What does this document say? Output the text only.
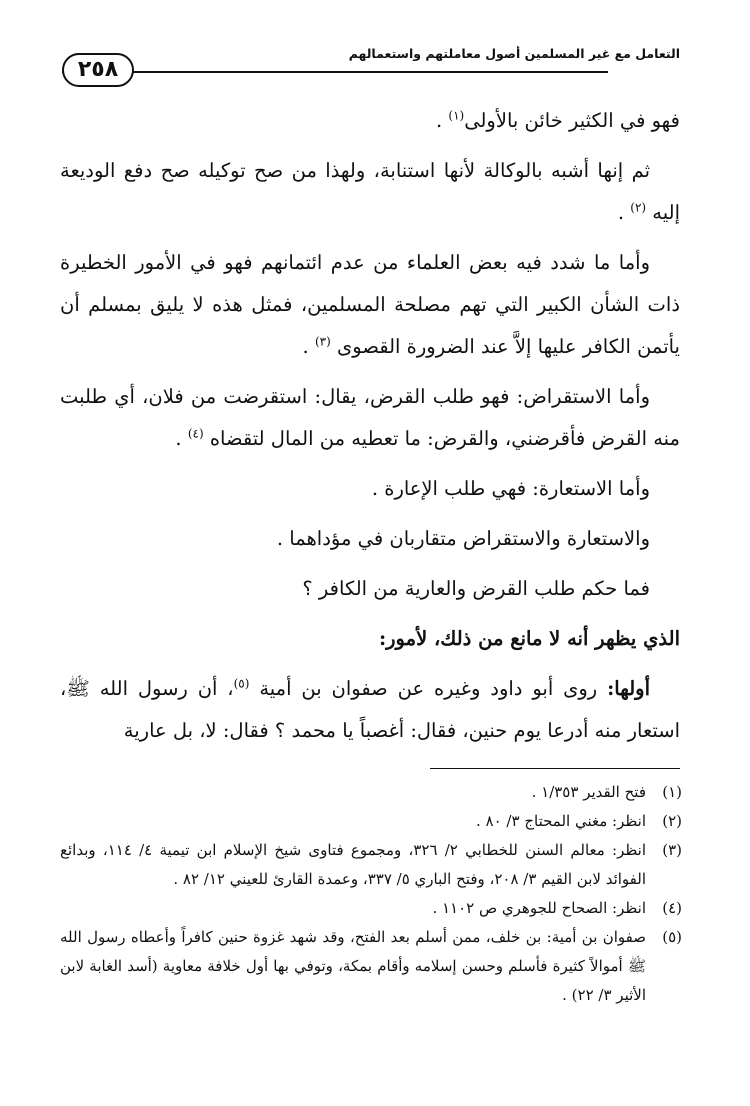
التعامل مع غير المسلمين أصول معاملتهم واستعمالهم
٢٥٨

فهو في الكثير خائن بالأولى$^{(١)}$ .

ثم إنها أشبه بالوكالة لأنها استنابة، ولهذا من صح توكيله صح دفع الوديعة إليه $^{(٢)}$ .

وأما ما شدد فيه بعض العلماء من عدم ائتمانهم فهو في الأمور الخطيرة ذات الشأن الكبير التي تهم مصلحة المسلمين، فمثل هذه لا يليق بمسلم أن يأتمن الكافر عليها إلاَّ عند الضرورة القصوى $^{(٣)}$ .

وأما الاستقراض: فهو طلب القرض، يقال: استقرضت من فلان، أي طلبت منه القرض فأقرضني، والقرض: ما تعطيه من المال لتقضاه $^{(٤)}$ .

وأما الاستعارة: فهي طلب الإعارة .

والاستعارة والاستقراض متقاربان في مؤداهما .

فما حكم طلب القرض والعارية من الكافر ؟

الذي يظهر أنه لا مانع من ذلك، لأمور:

أولها: روى أبو داود وغيره عن صفوان بن أمية $^{(٥)}$، أن رسول الله ﷺ، استعار منه أدرعا يوم حنين، فقال: أغصباً يا محمد ؟ فقال: لا، بل عارية

(١)
فتح القدير ١/٣٥٣ .
(٢)
انظر: مغني المحتاج ٣/ ٨٠ .
(٣)
انظر: معالم السنن للخطابي ٢/ ٣٢٦، ومجموع فتاوى شيخ الإسلام ابن تيمية ٤/ ١١٤، وبدائع الفوائد لابن القيم ٣/ ٢٠٨، وفتح الباري ٥/ ٣٣٧، وعمدة القارئ للعيني ١٢/ ٨٢ .
(٤)
انظر: الصحاح للجوهري ص ١١٠٢ .
(٥)
صفوان بن أمية: بن خلف، ممن أسلم بعد الفتح، وقد شهد غزوة حنين كافراً وأعطاه رسول الله ﷺ أموالاً كثيرة فأسلم وحسن إسلامه وأقام بمكة، وتوفي بها أول خلافة معاوية (أسد الغابة لابن الأثير ٣/ ٢٢) .
